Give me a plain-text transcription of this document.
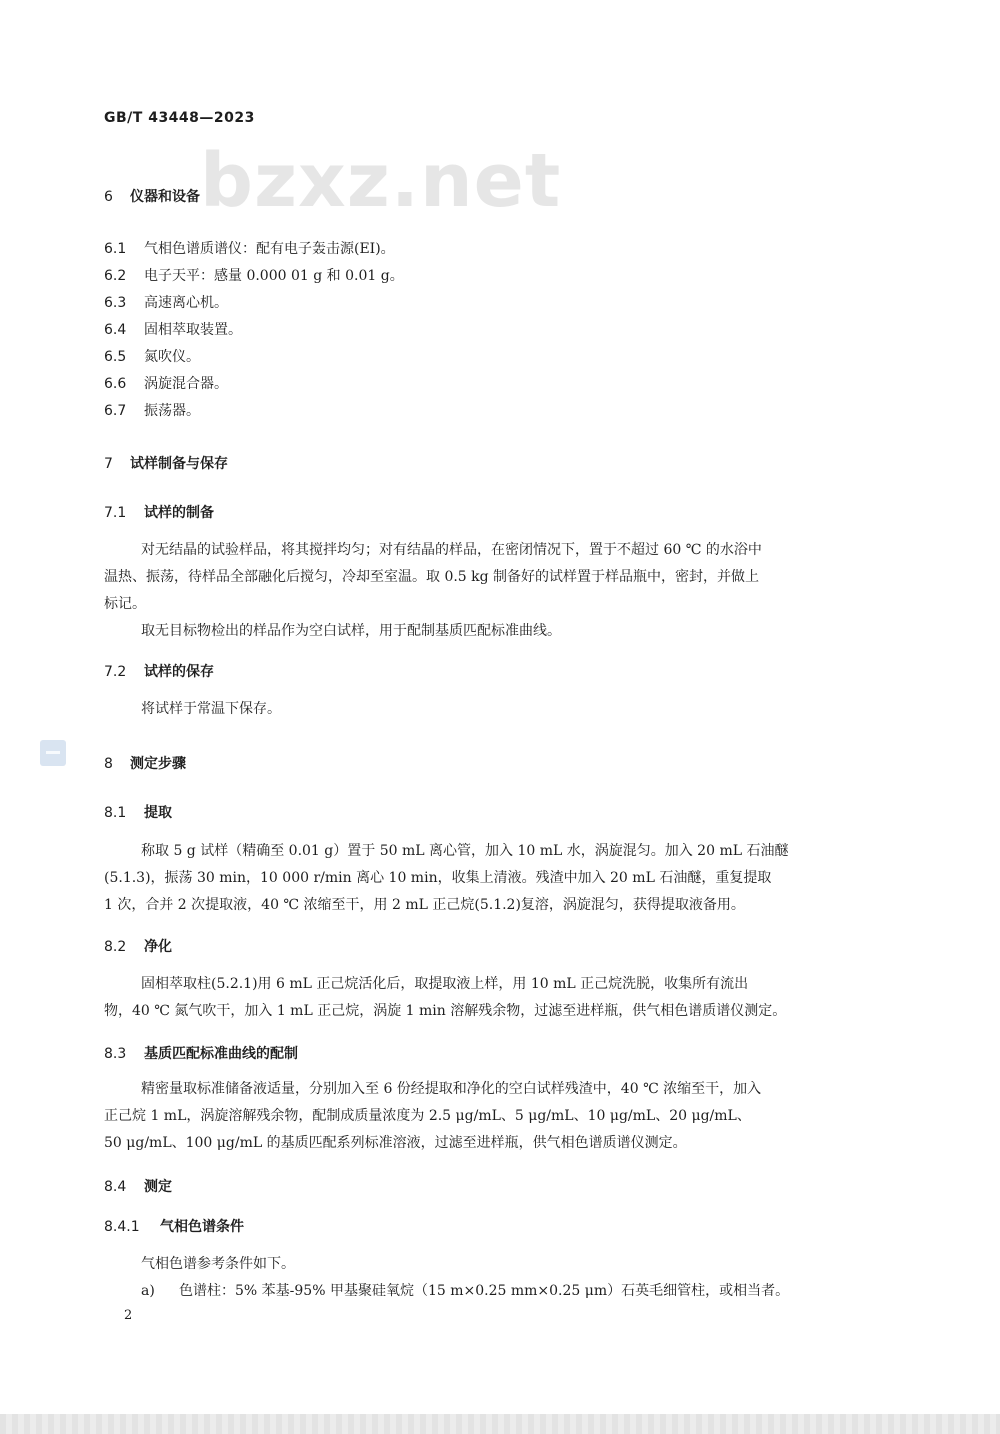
bzxz.net
GB/T 43448—2023
6 仪器和设备
6.1 气相色谱质谱仪：配有电子轰击源(EI)。
6.2 电子天平：感量 0.000 01 g 和 0.01 g。
6.3 高速离心机。
6.4 固相萃取装置。
6.5 氮吹仪。
6.6 涡旋混合器。
6.7 振荡器。
7 试样制备与保存
7.1 试样的制备
对无结晶的试验样品，将其搅拌均匀；对有结晶的样品，在密闭情况下，置于不超过 60 ℃ 的水浴中
温热、振荡，待样品全部融化后搅匀，冷却至室温。取 0.5 kg 制备好的试样置于样品瓶中，密封，并做上
标记。
取无目标物检出的样品作为空白试样，用于配制基质匹配标准曲线。
7.2 试样的保存
将试样于常温下保存。
8 测定步骤
8.1 提取
称取 5 g 试样（精确至 0.01 g）置于 50 mL 离心管，加入 10 mL 水，涡旋混匀。加入 20 mL 石油醚
(5.1.3)，振荡 30 min，10 000 r/min 离心 10 min，收集上清液。残渣中加入 20 mL 石油醚，重复提取
1 次，合并 2 次提取液，40 ℃ 浓缩至干，用 2 mL 正己烷(5.1.2)复溶，涡旋混匀，获得提取液备用。
8.2 净化
固相萃取柱(5.2.1)用 6 mL 正己烷活化后，取提取液上样，用 10 mL 正己烷洗脱，收集所有流出
物，40 ℃ 氮气吹干，加入 1 mL 正己烷，涡旋 1 min 溶解残余物，过滤至进样瓶，供气相色谱质谱仪测定。
8.3 基质匹配标准曲线的配制
精密量取标准储备液适量，分别加入至 6 份经提取和净化的空白试样残渣中，40 ℃ 浓缩至干，加入
正己烷 1 mL，涡旋溶解残余物，配制成质量浓度为 2.5 μg/mL、5 μg/mL、10 μg/mL、20 μg/mL、
50 μg/mL、100 μg/mL 的基质匹配系列标准溶液，过滤至进样瓶，供气相色谱质谱仪测定。
8.4 测定
8.4.1 气相色谱条件
气相色谱参考条件如下。
a) 色谱柱：5% 苯基-95% 甲基聚硅氧烷（15 m×0.25 mm×0.25 μm）石英毛细管柱，或相当者。
2
